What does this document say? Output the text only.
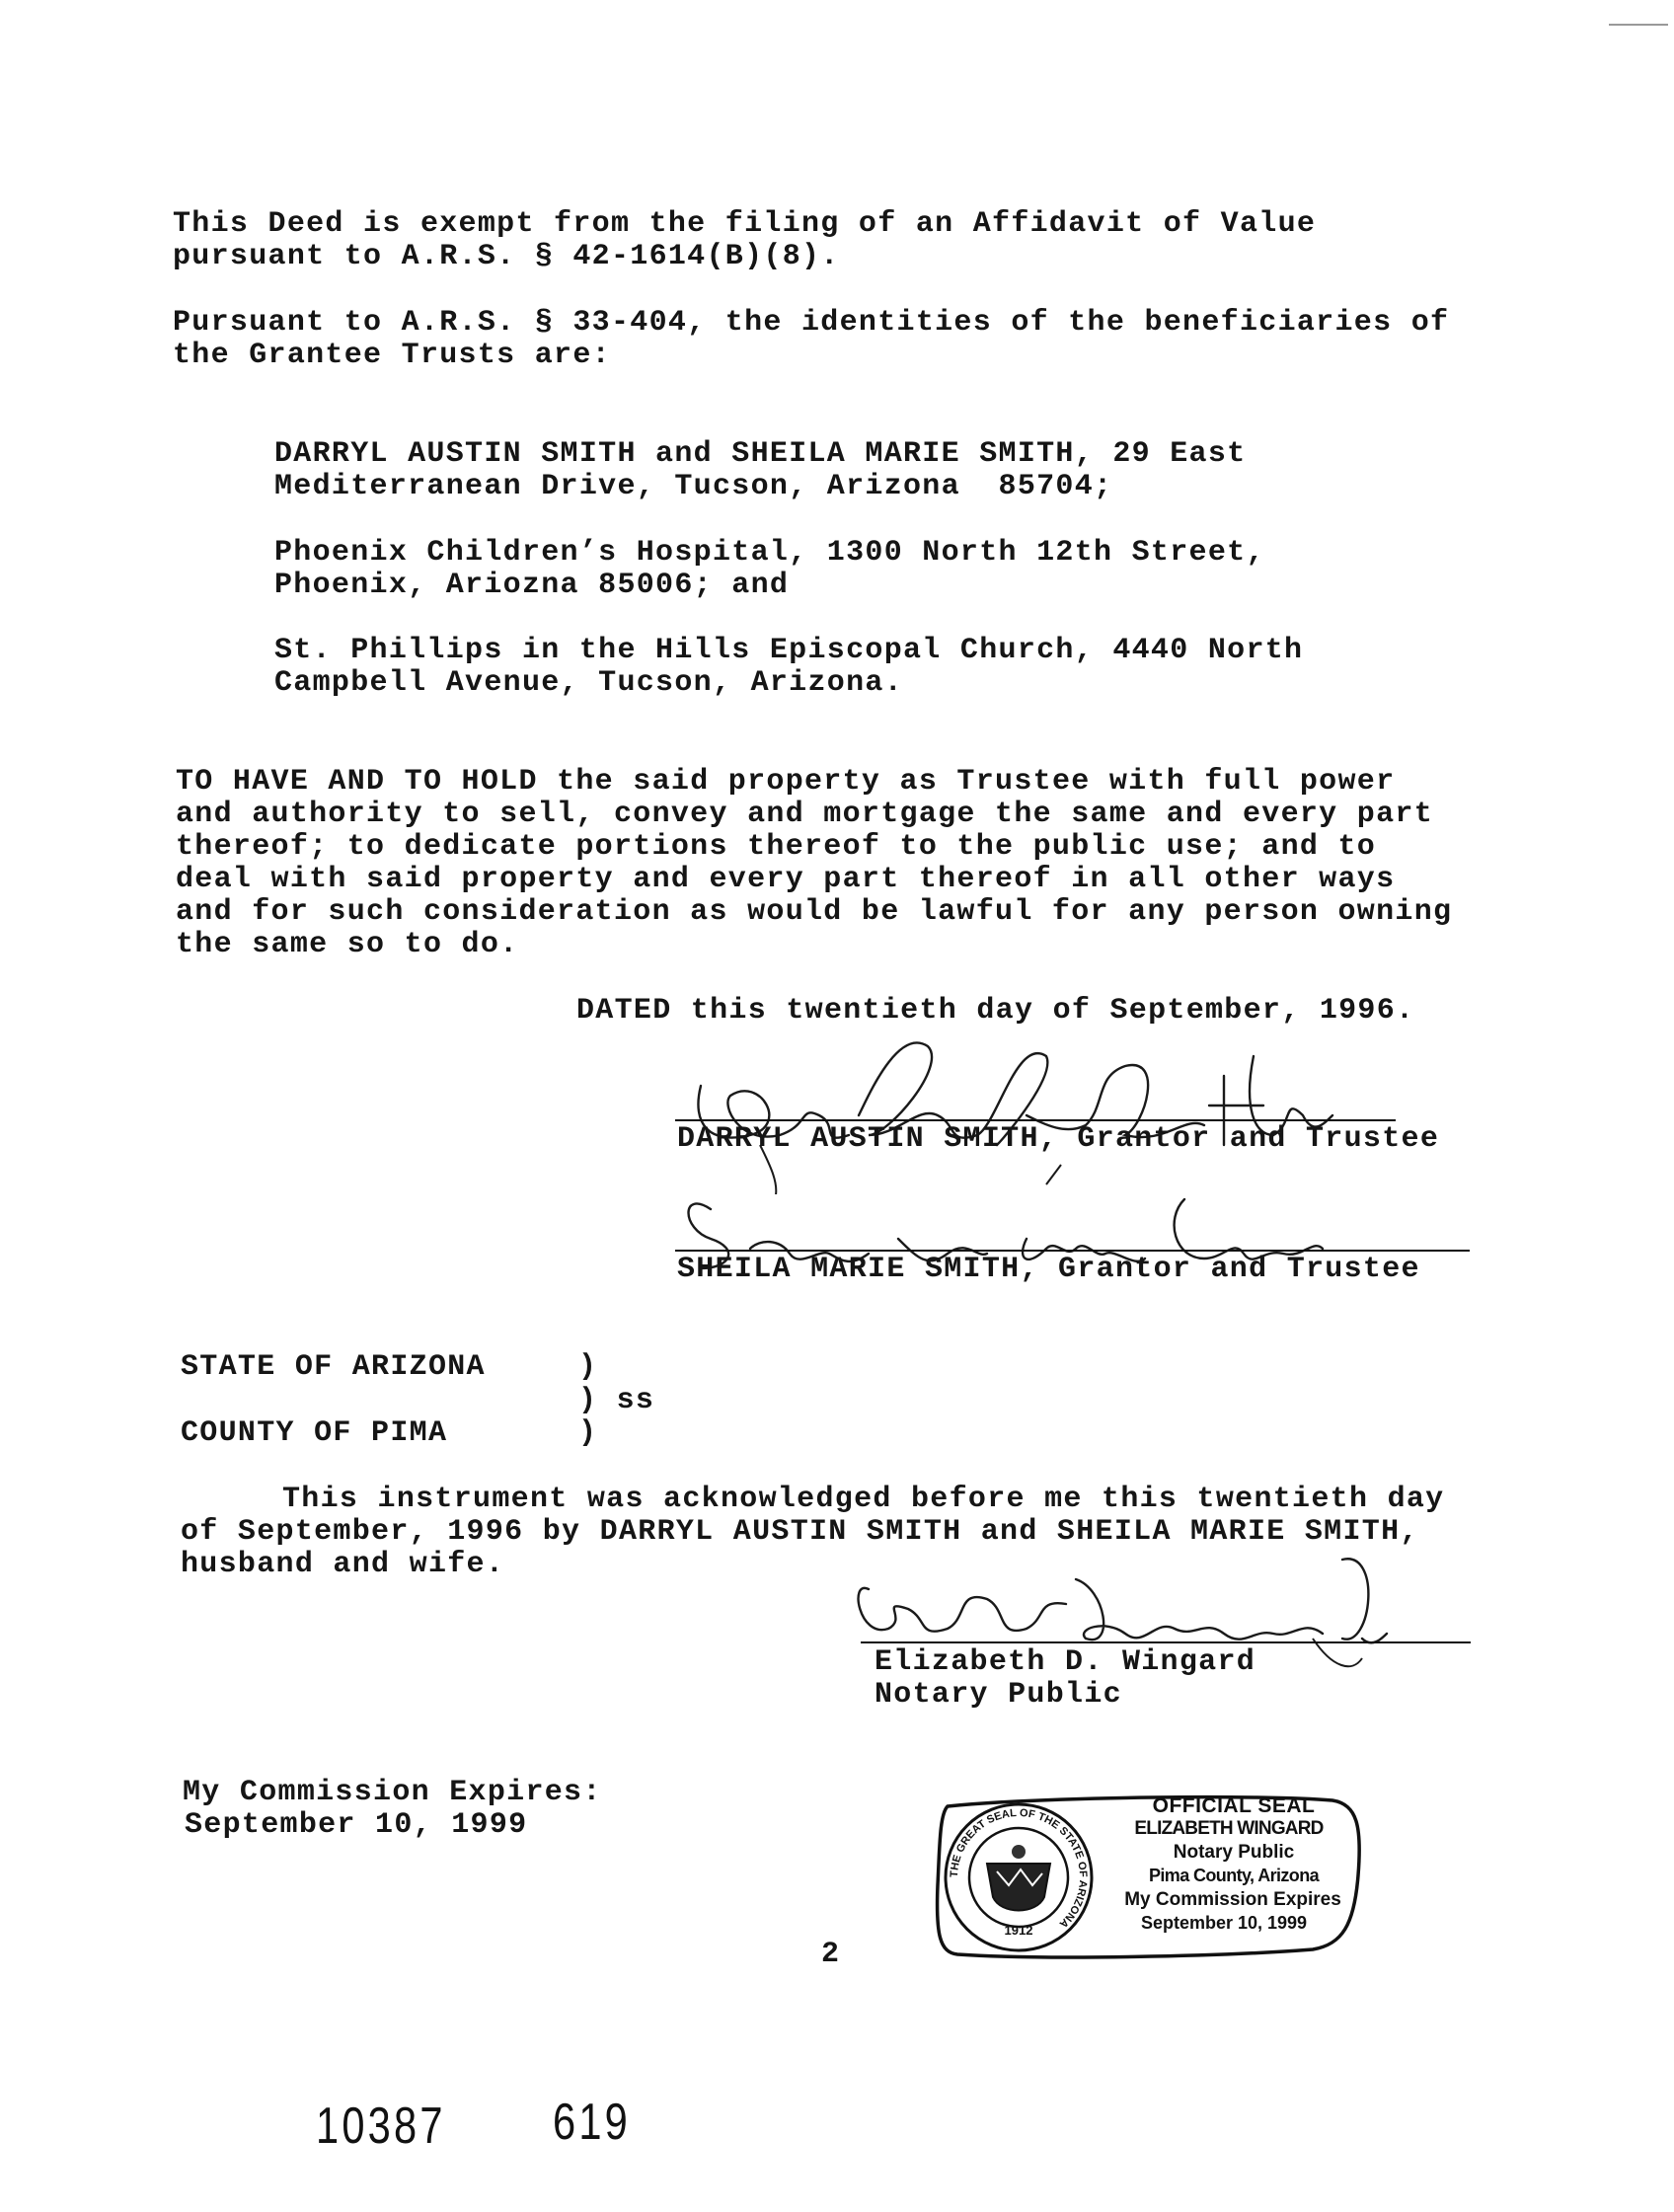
This Deed is exempt from the filing of an Affidavit of Value
pursuant to A.R.S. § 42-1614(B)(8).
Pursuant to A.R.S. § 33-404, the identities of the beneficiaries of
the Grantee Trusts are:
DARRYL AUSTIN SMITH and SHEILA MARIE SMITH, 29 East
Mediterranean Drive, Tucson, Arizona  85704;
Phoenix Children’s Hospital, 1300 North 12th Street,
Phoenix, Ariozna 85006; and
St. Phillips in the Hills Episcopal Church, 4440 North
Campbell Avenue, Tucson, Arizona.
TO HAVE AND TO HOLD the said property as Trustee with full power
and authority to sell, convey and mortgage the same and every part
thereof; to dedicate portions thereof to the public use; and to
deal with said property and every part thereof in all other ways
and for such consideration as would be lawful for any person owning
the same so to do.
DATED this twentieth day of September, 1996.
DARRYL AUSTIN SMITH, Grantor and Trustee
SHEILA MARIE SMITH, Grantor and Trustee
STATE OF ARIZONA	)
) ss
COUNTY OF PIMA	)
This instrument was acknowledged before me this twentieth day
of September, 1996 by DARRYL AUSTIN SMITH and SHEILA MARIE SMITH,
husband and wife.
Elizabeth D. Wingard
Notary Public
My Commission Expires:
September 10, 1999
THE GREAT SEAL OF THE STATE OF ARIZONA
1912
OFFICIAL SEAL
ELIZABETH WINGARD
Notary Public
Pima County, Arizona
My Commission Expires
September 10, 1999
2
10387 619
